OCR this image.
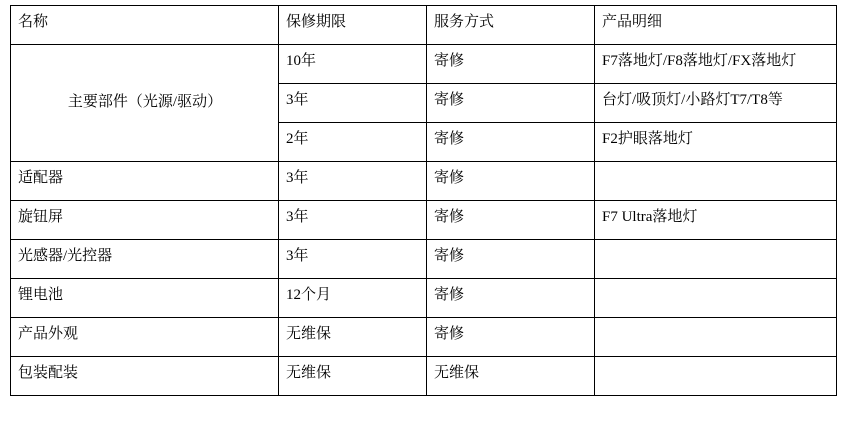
名称	保修期限	服务方式	产品明细
主要部件（光源/驱动）	10年	寄修	F7落地灯/F8落地灯/FX落地灯
	3年	寄修	台灯/吸顶灯/小路灯T7/T8等
	2年	寄修	F2护眼落地灯
适配器	3年	寄修	
旋钮屏	3年	寄修	F7 Ultra落地灯
光感器/光控器	3年	寄修	
锂电池	12个月	寄修	
产品外观	无维保	寄修	
包装配装	无维保	无维保	
